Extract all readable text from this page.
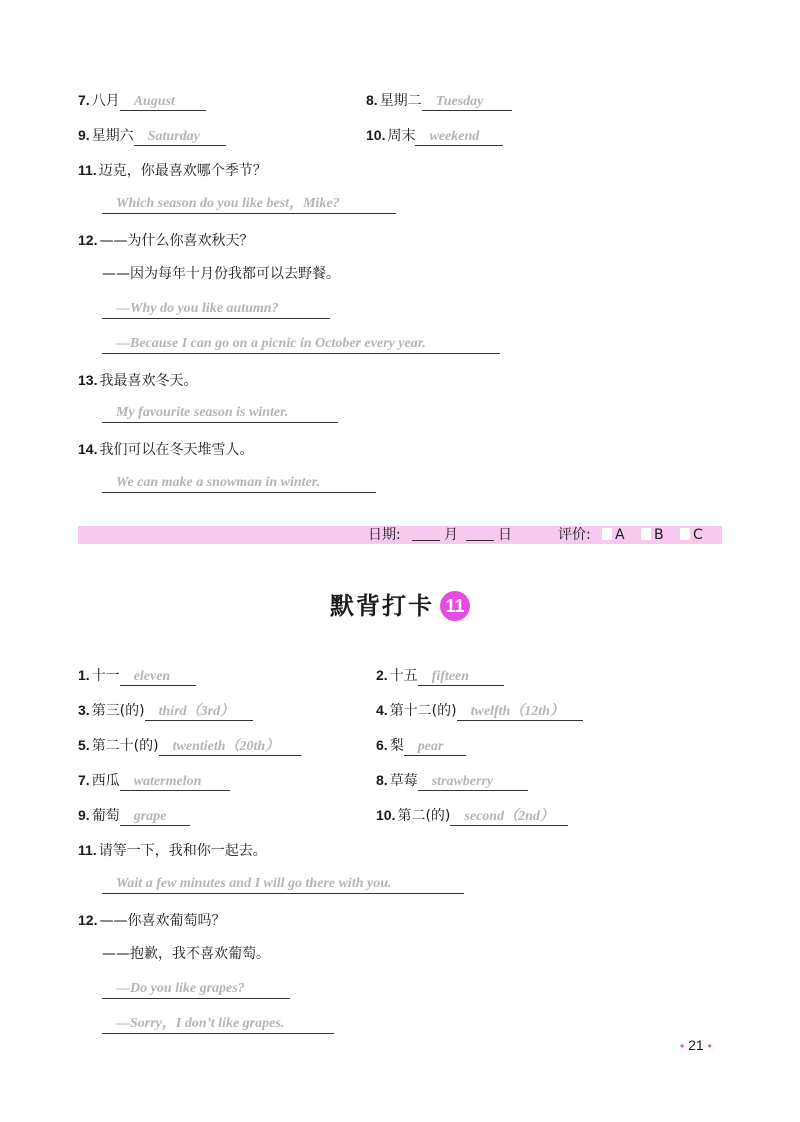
7. 八月 August	8. 星期二 Tuesday
9. 星期六 Saturday	10. 周末 weekend
11. 迈克，你最喜欢哪个季节？
Which season do you like best，Mike?
12. ——为什么你喜欢秋天？
——因为每年十月份我都可以去野餐。
—Why do you like autumn?
—Because I can go on a picnic in October every year.
13. 我最喜欢冬天。
My favourite season is winter.
14. 我们可以在冬天堆雪人。
We can make a snowman in winter.
日期:	月	日	评价:	A	B	C
默背打卡 11
1. 十一 eleven	2. 十五 fifteen
3. 第三(的) third（3rd）	4. 第十二(的) twelfth（12th）
5. 第二十(的) twentieth（20th）	6. 梨 pear
7. 西瓜 watermelon	8. 草莓 strawberry
9. 葡萄 grape	10. 第二(的) second（2nd）
11. 请等一下，我和你一起去。
Wait a few minutes and I will go there with you.
12. ——你喜欢葡萄吗？
——抱歉，我不喜欢葡萄。
—Do you like grapes?
—Sorry，I don’t like grapes.
• 21 •
